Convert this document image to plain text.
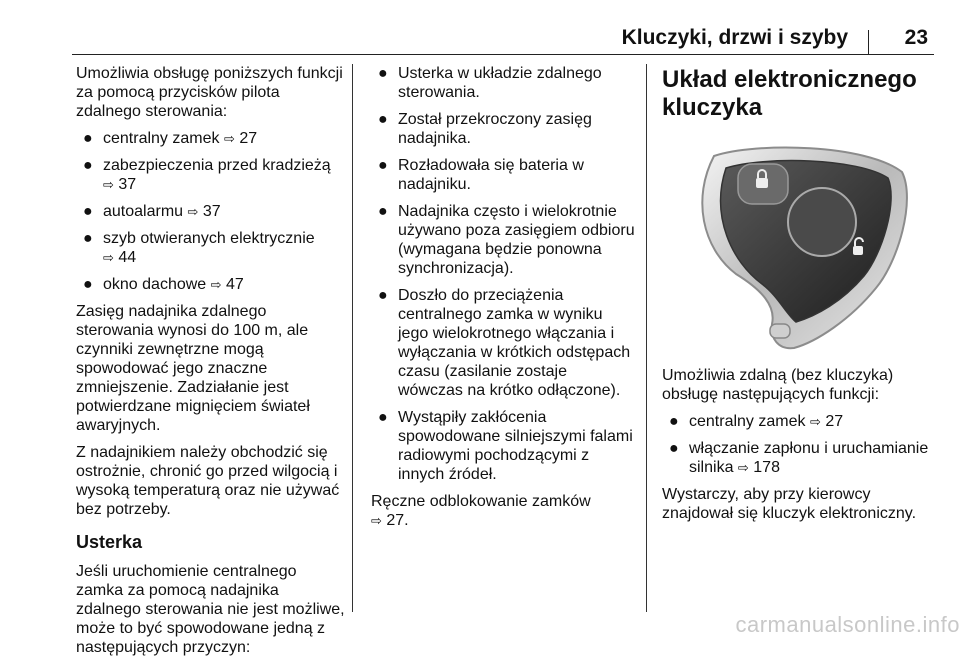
Kluczyki, drzwi i szyby	23

Umożliwia obsługę poniższych funkcji za pomocą przycisków pilota zdalnego sterowania:

● centralny zamek ⇨ 27
● zabezpieczenia przed kradzieżą
⇨ 37
● autoalarmu ⇨ 37
● szyb otwieranych elektrycznie
⇨ 44
● okno dachowe ⇨ 47

Zasięg nadajnika zdalnego sterowania wynosi do 100 m, ale czynniki zewnętrzne mogą spowodować jego znaczne zmniejszenie. Zadziałanie jest potwierdzane mignięciem świateł awaryjnych.

Z nadajnikiem należy obchodzić się ostrożnie, chronić go przed wilgocią i wysoką temperaturą oraz nie używać bez potrzeby.

Usterka

Jeśli uruchomienie centralnego zamka za pomocą nadajnika zdalnego sterowania nie jest możliwe, może to być spowodowane jedną z następujących przyczyn:

● Usterka w układzie zdalnego sterowania.
● Został przekroczony zasięg nadajnika.
● Rozładowała się bateria w nadajniku.
● Nadajnika często i wielokrotnie używano poza zasięgiem odbioru (wymagana będzie ponowna synchronizacja).
● Doszło do przeciążenia centralnego zamka w wyniku jego wielokrotnego włączania i wyłączania w krótkich odstępach czasu (zasilanie zostaje wówczas na krótko odłączone).
● Wystąpiły zakłócenia spowodowane silniejszymi falami radiowymi pochodzącymi z innych źródeł.

Ręczne odblokowanie zamków
⇨ 27.

Układ elektronicznego kluczyka

Umożliwia zdalną (bez kluczyka) obsługę następujących funkcji:

● centralny zamek ⇨ 27
● włączanie zapłonu i uruchamianie silnika ⇨ 178

Wystarczy, aby przy kierowcy znajdował się kluczyk elektroniczny.

carmanualsonline.info
